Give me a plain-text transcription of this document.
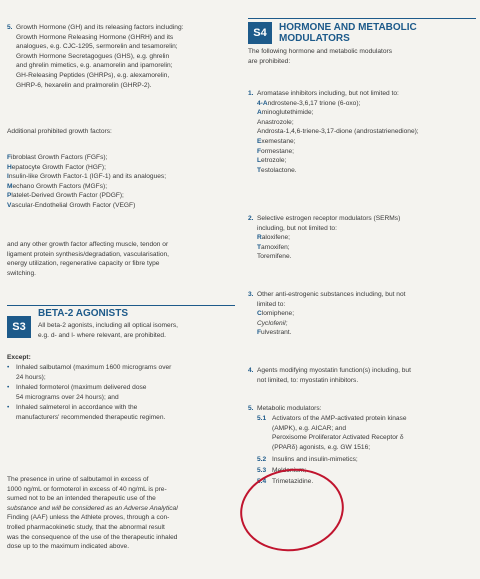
5. Growth Hormone (GH) and its releasing factors including:

Growth Hormone Releasing Hormone (GHRH) and its

analogues, e.g. CJC-1295, sermorelin and tesamorelin;

Growth Hormone Secretagogues (GHS), e.g. ghrelin

and ghrelin mimetics, e.g. anamorelin and ipamorelin;

GH-Releasing Peptides (GHRPs), e.g. alexamorelin,

GHRP-6, hexarelin and pralmorelin (GHRP-2).

Additional prohibited growth factors:

Fibroblast Growth Factors (FGFs);

Hepatocyte Growth Factor (HGF);

Insulin-like Growth Factor-1 (IGF-1) and its analogues;

Mechano Growth Factors (MGFs);

Platelet-Derived Growth Factor (PDGF);

Vascular-Endothelial Growth Factor (VEGF)

and any other growth factor affecting muscle, tendon or

ligament protein synthesis/degradation, vascularisation,

energy utilization, regenerative capacity or fibre type

switching.

S3
BETA-2 AGONISTS

All beta-2 agonists, including all optical isomers,

e.g. d- and l- where relevant, are prohibited.

Except:

• Inhaled salbutamol (maximum 1600 micrograms over

24 hours);

• Inhaled formoterol (maximum delivered dose

54 micrograms over 24 hours); and

• Inhaled salmeterol in accordance with the

manufacturers' recommended therapeutic regimen.

The presence in urine of salbutamol in excess of

1000 ng/mL or formoterol in excess of 40 ng/mL is pre-

sumed not to be an intended therapeutic use of the

substance and will be considered as an Adverse Analytical

Finding (AAF) unless the Athlete proves, through a con-

trolled pharmacokinetic study, that the abnormal result

was the consequence of the use of the therapeutic inhaled

dose up to the maximum indicated above.

S4	HORMONE AND METABOLIC
MODULATORS

The following hormone and metabolic modulators

are prohibited:

1. Aromatase inhibitors including, but not limited to:

4-Androstene-3,6,17 trione (6-oxo);

Aminoglutethimide;

Anastrozole;

Androsta-1,4,6-triene-3,17-dione (androstatrienedione);

Exemestane;

Formestane;

Letrozole;

Testolactone.

2. Selective estrogen receptor modulators (SERMs)

including, but not limited to:

Raloxifene;

Tamoxifen;

Toremifene.

3. Other anti-estrogenic substances including, but not

limited to:

Clomiphene;

Cyclofenil;

Fulvestrant.

4. Agents modifying myostatin function(s) including, but

not limited, to: myostatin inhibitors.

5. Metabolic modulators:

5.1 Activators of the AMP-activated protein kinase

(AMPK), e.g. AICAR; and

Peroxisome Proliferator Activated Receptor δ

(PPARδ) agonists, e.g. GW 1516;

5.2 Insulins and insulin-mimetics;
5.3 Meldonium;
5.4 Trimetazidine.
